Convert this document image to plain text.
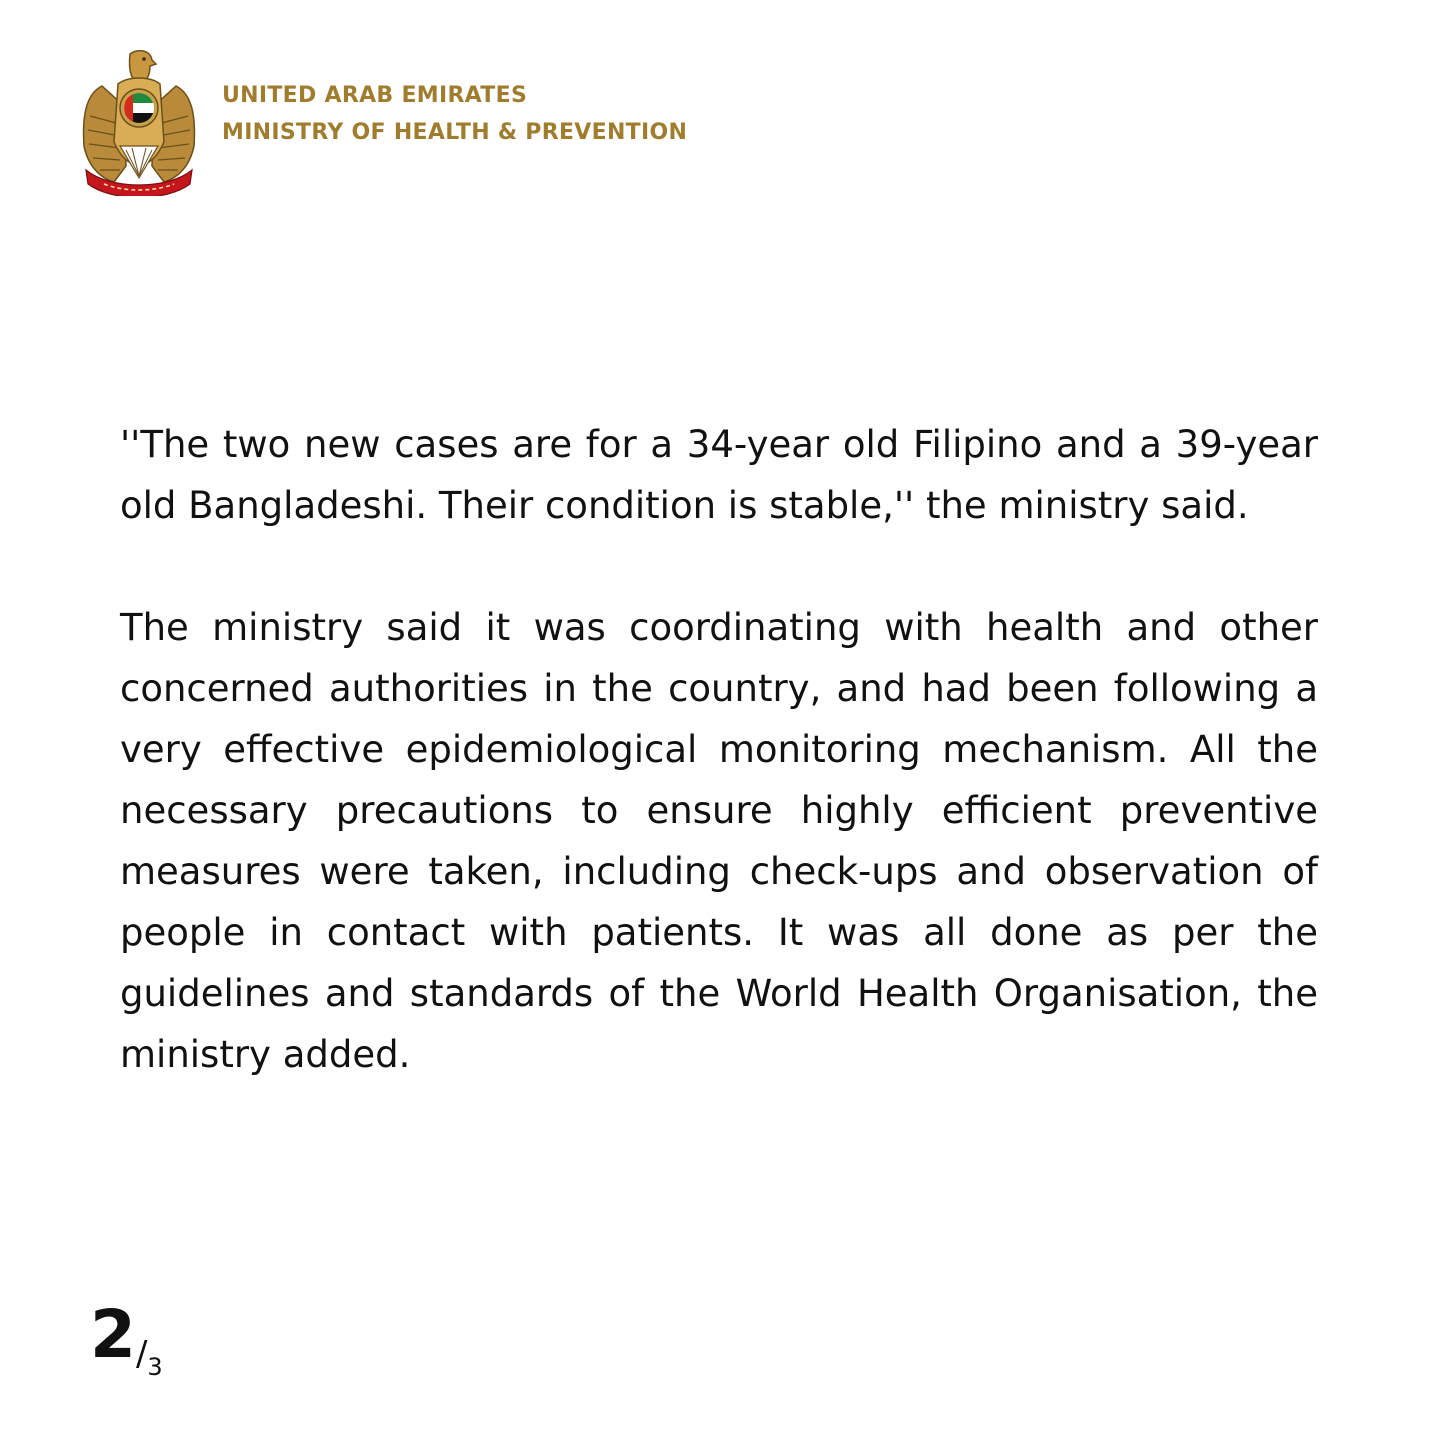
UNITED ARAB EMIRATES
MINISTRY OF HEALTH & PREVENTION

''The two new cases are for a 34-year old Filipino and a 39-year old Bangladeshi. Their condition is stable,'' the ministry said.

The ministry said it was coordinating with health and other concerned authorities in the country, and had been following a very effective epidemiological monitoring mechanism. All the necessary precautions to ensure highly efficient preventive measures were taken, including check-ups and observation of people in contact with patients. It was all done as per the guidelines and standards of the World Health Organisation, the ministry added.

2/3
